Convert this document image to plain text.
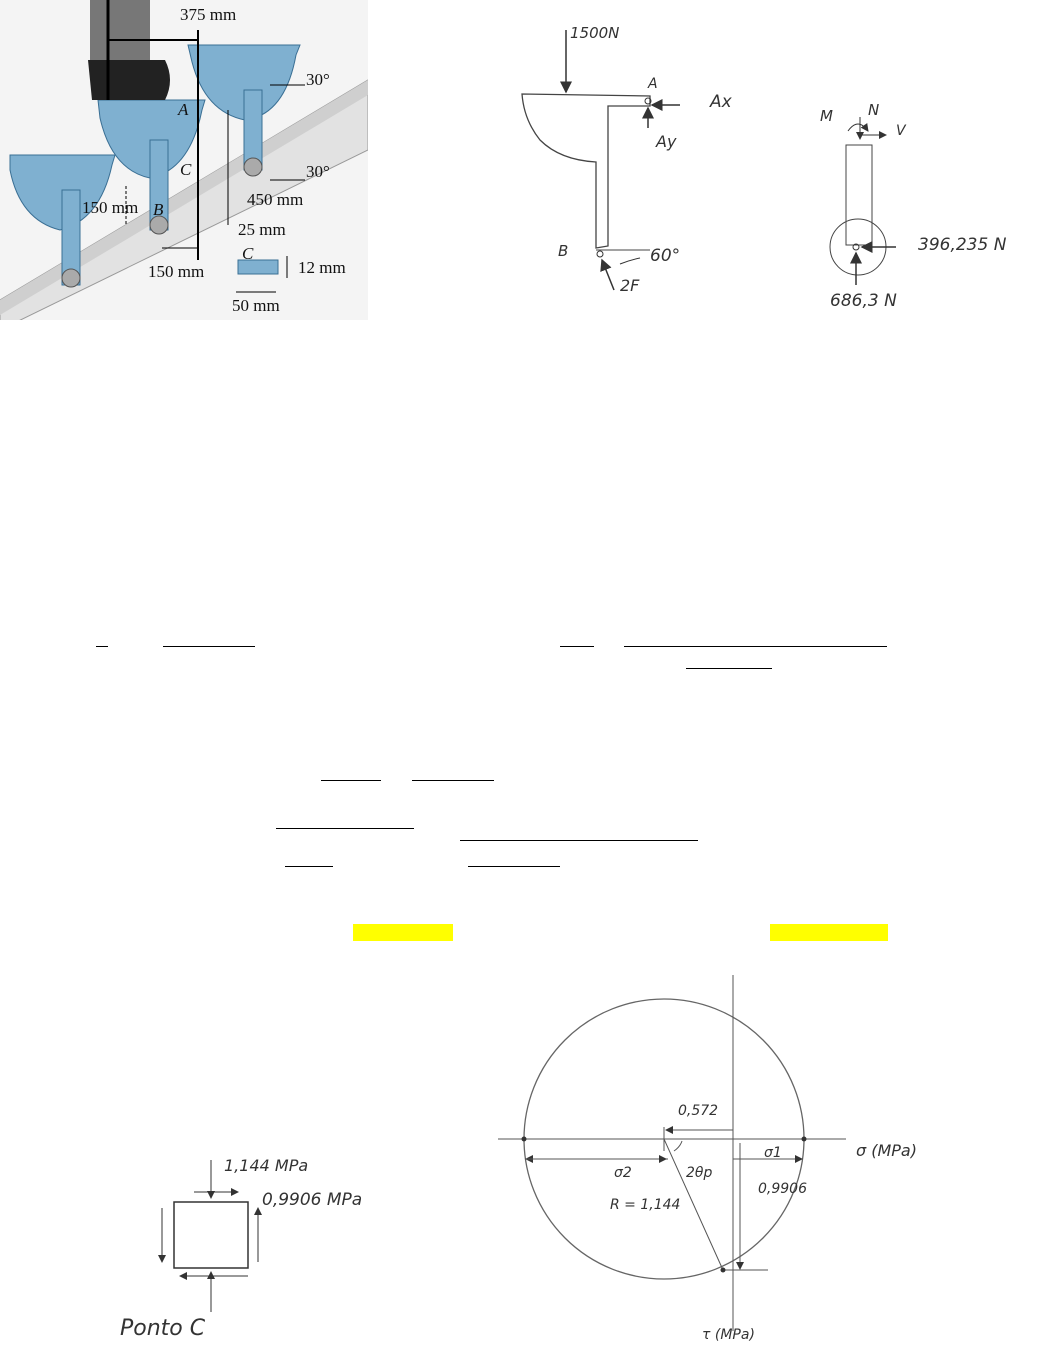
375 mm
30°
30°
A
C
150 mm B
450 mm
25 mm
150 mm
C
12 mm
50 mm
1500N
A
Ax
Ay
B	60°
2F
M N
V
396,235 N
686,3 N
1,144 MPa
0,9906 MPa
Ponto C
0,572
σ (MPa)
σ1
σ2	2θp
R = 1,144
0,9906
τ (MPa)
